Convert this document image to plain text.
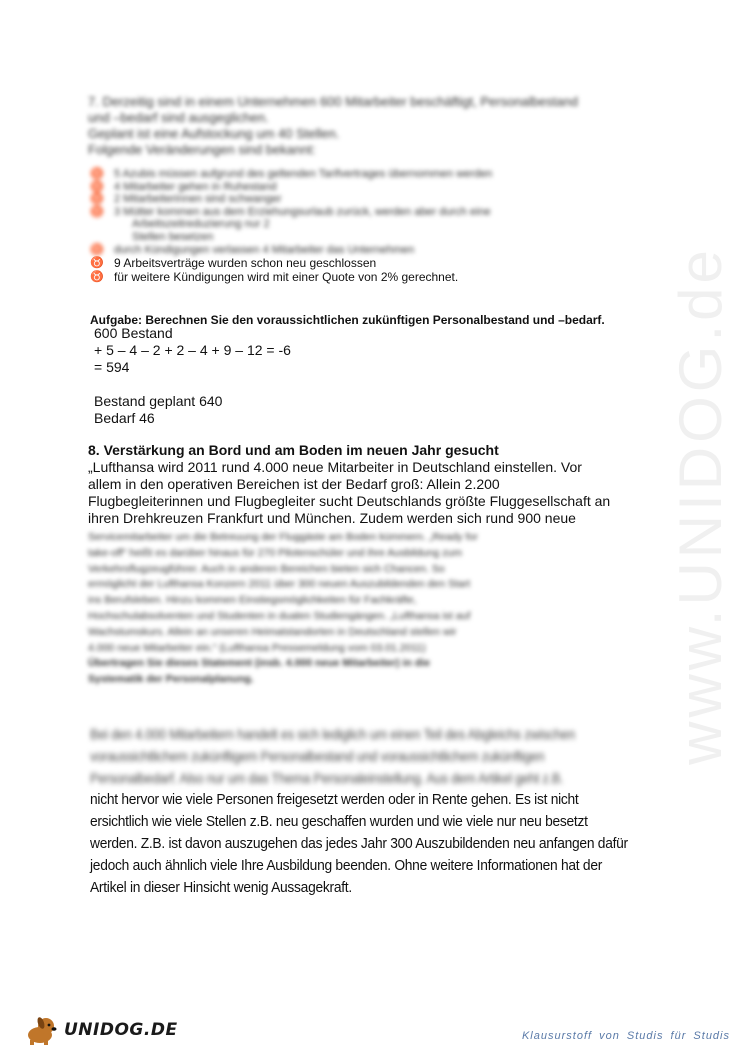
www.UNIDOG.de
7. Derzeitig sind in einem Unternehmen 600 Mitarbeiter beschäftigt, Personalbestand
und –bedarf sind ausgeglichen.
Geplant ist eine Aufstockung um 40 Stellen.
Folgende Veränderungen sind bekannt:
♉ 5 Azubis müssen aufgrund des geltenden Tarifvertrages übernommen werden
♉ 4 Mitarbeiter gehen in Ruhestand
♉ 2 Mitarbeiterinnen sind schwanger
♉ 3 Mütter kommen aus dem Erziehungsurlaub zurück, werden aber durch eine
Arbeitszeitreduzierung nur 2
Stellen besetzen
♉ durch Kündigungen verlassen 4 Mitarbeiter das Unternehmen
♉ 9 Arbeitsverträge wurden schon neu geschlossen
♉ für weitere Kündigungen wird mit einer Quote von 2% gerechnet.
Aufgabe: Berechnen Sie den voraussichtlichen zukünftigen Personalbestand und –bedarf.
600 Bestand
+ 5 – 4 – 2 + 2 – 4 + 9 – 12 = -6
= 594
Bestand geplant 640
Bedarf 46
8. Verstärkung an Bord und am Boden im neuen Jahr gesucht
„Lufthansa wird 2011 rund 4.000 neue Mitarbeiter in Deutschland einstellen. Vor
allem in den operativen Bereichen ist der Bedarf groß: Allein 2.200
Flugbegleiterinnen und Flugbegleiter sucht Deutschlands größte Fluggesellschaft an
ihren Drehkreuzen Frankfurt und München. Zudem werden sich rund 900 neue
Servicemitarbeiter um die Betreuung der Fluggäste am Boden kümmern. „Ready for
take-off“ heißt es darüber hinaus für 270 Pilotenschüler und ihre Ausbildung zum
Verkehrsflugzeugführer. Auch in anderen Bereichen bieten sich Chancen. So
ermöglicht der Lufthansa Konzern 2011 über 300 neuen Auszubildenden den Start
ins Berufsleben. Hinzu kommen Einstiegsmöglichkeiten für Fachkräfte,
Hochschulabsolventen und Studenten in dualen Studiengängen. „Lufthansa ist auf
Wachstumskurs. Allein an unseren Heimatstandorten in Deutschland stellen wir
4.000 neue Mitarbeiter ein.“ (Lufthansa Pressemeldung vom 03.01.2011)
Übertragen Sie dieses Statement (insb. 4.000 neue Mitarbeiter) in die
Systematik der Personalplanung.
Bei den 4.000 Mitarbeitern handelt es sich lediglich um einen Teil des Abgleichs zwischen
voraussichtlichem zukünftigem Personalbestand und voraussichtlichem zukünftigen
Personalbedarf. Also nur um das Thema Personaleinstellung. Aus dem Artikel geht z.B.
nicht hervor wie viele Personen freigesetzt werden oder in Rente gehen. Es ist nicht
ersichtlich wie viele Stellen z.B. neu geschaffen wurden und wie viele nur neu besetzt
werden. Z.B. ist davon auszugehen das jedes Jahr 300 Auszubildenden neu anfangen dafür
jedoch auch ähnlich viele Ihre Ausbildung beenden. Ohne weitere Informationen hat der
Artikel in dieser Hinsicht wenig Aussagekraft.
UNIDOG.DE	Klausurstoff von Studis für Studis
